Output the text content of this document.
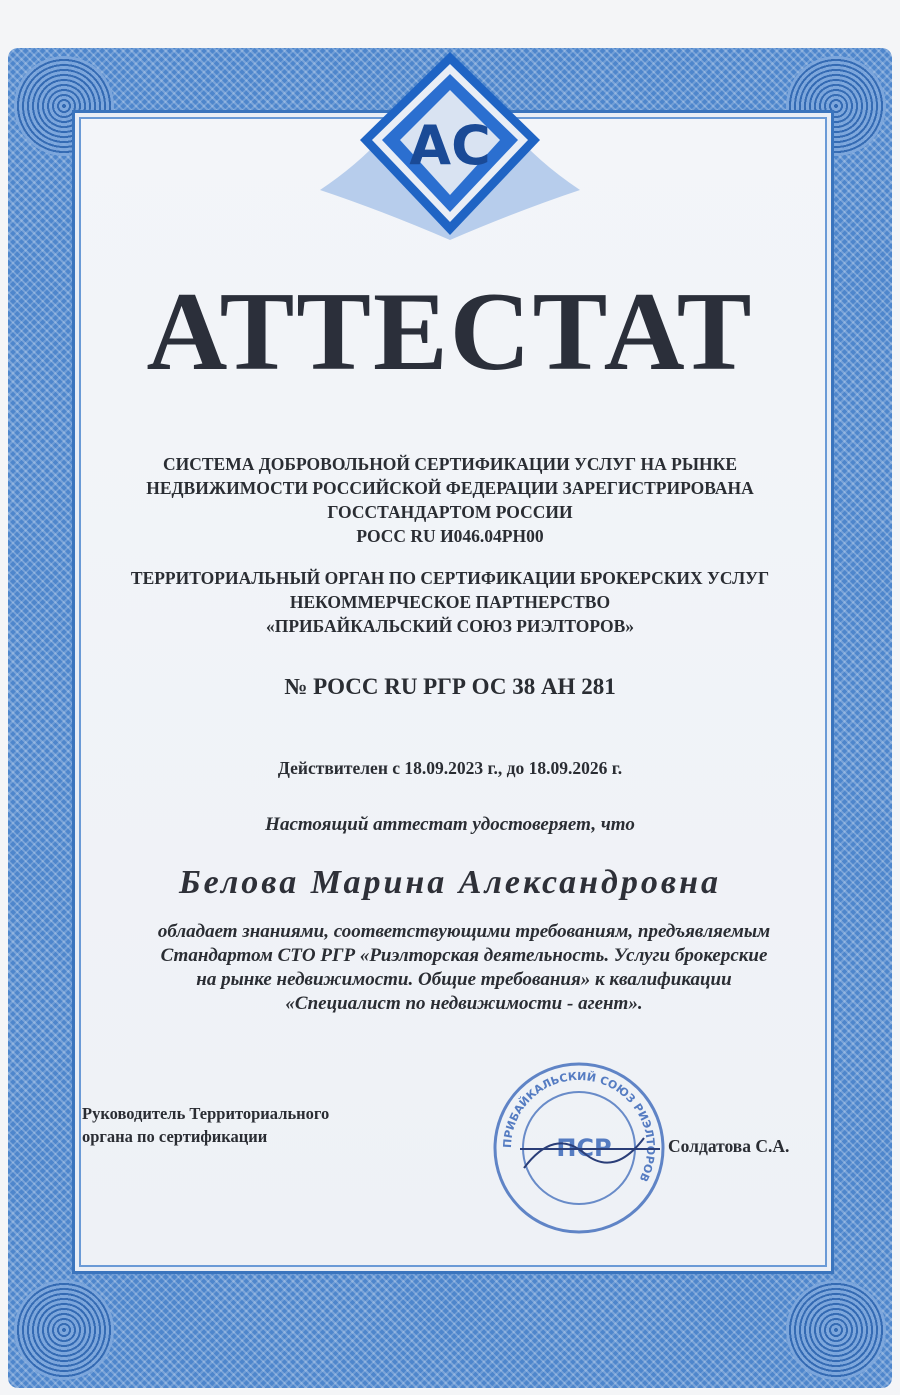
АС
АТТЕСТАТ
СИСТЕМА ДОБРОВОЛЬНОЙ СЕРТИФИКАЦИИ УСЛУГ НА РЫНКЕ
НЕДВИЖИМОСТИ РОССИЙСКОЙ ФЕДЕРАЦИИ ЗАРЕГИСТРИРОВАНА
ГОССТАНДАРТОМ РОССИИ
РОСС RU И046.04РН00
ТЕРРИТОРИАЛЬНЫЙ ОРГАН ПО СЕРТИФИКАЦИИ БРОКЕРСКИХ УСЛУГ
НЕКОММЕРЧЕСКОЕ ПАРТНЕРСТВО
«ПРИБАЙКАЛЬСКИЙ СОЮЗ РИЭЛТОРОВ»
№ РОСС RU РГР ОС 38 АН 281
Действителен с 18.09.2023 г., до 18.09.2026 г.
Настоящий аттестат удостоверяет, что
Белова Марина Александровна
обладает знаниями, соответствующими требованиям, предъявляемым
Стандартом СТО РГР «Риэлторская деятельность. Услуги брокерские
на рынке недвижимости. Общие требования» к квалификации
«Специалист по недвижимости - агент».
Руководитель Территориального
органа по сертификации	ПРИБАЙКАЛЬСКИЙ СОЮЗ РИЭЛТОРОВ
ПСР	Солдатова С.А.
